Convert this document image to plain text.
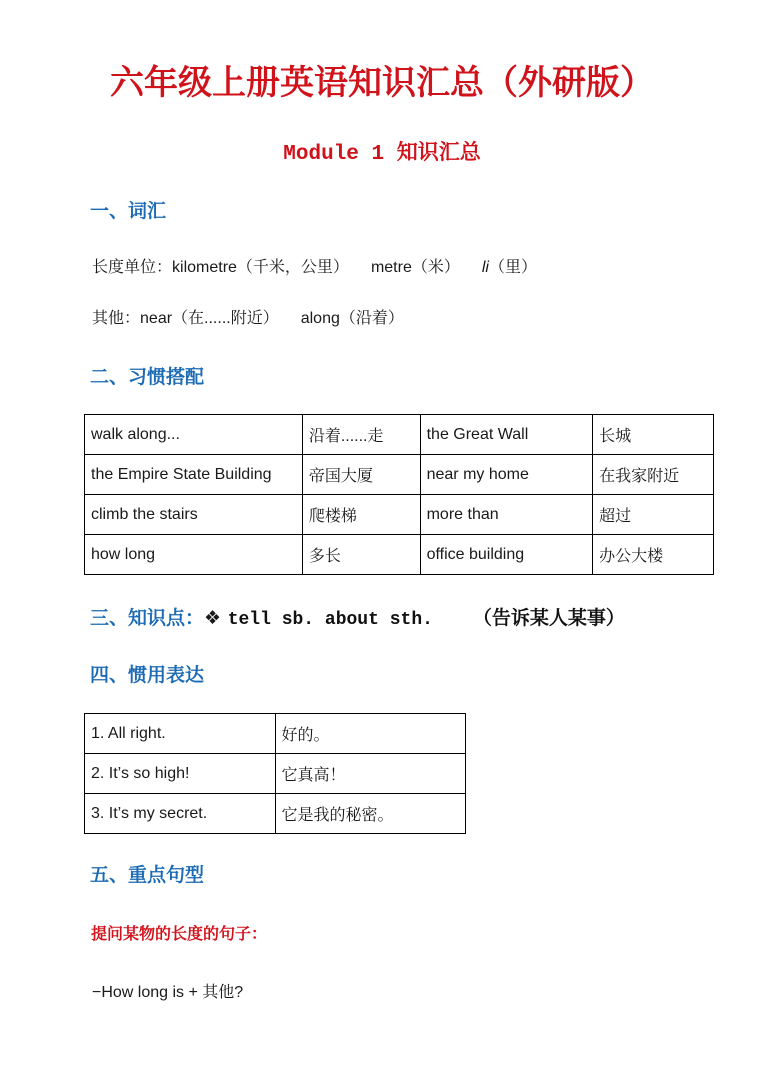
六年级上册英语知识汇总（外研版）
Module 1 知识汇总
一、词汇
长度单位：kilometre（千米，公里） metre（米） li（里）
其他：near（在......附近） along（沿着）
二、习惯搭配
walk along...	沿着......走	the Great Wall	长城
the Empire State Building	帝国大厦	near my home	在我家附近
climb the stairs	爬楼梯	more than	超过
how long	多长	office building	办公大楼
三、知识点：❖ tell sb. about sth. （告诉某人某事）
四、惯用表达
1. All right.	好的。
2. It’s so high!	它真高！
3. It’s my secret.	它是我的秘密。
五、重点句型
提问某物的长度的句子：
−How long is + 其他?
